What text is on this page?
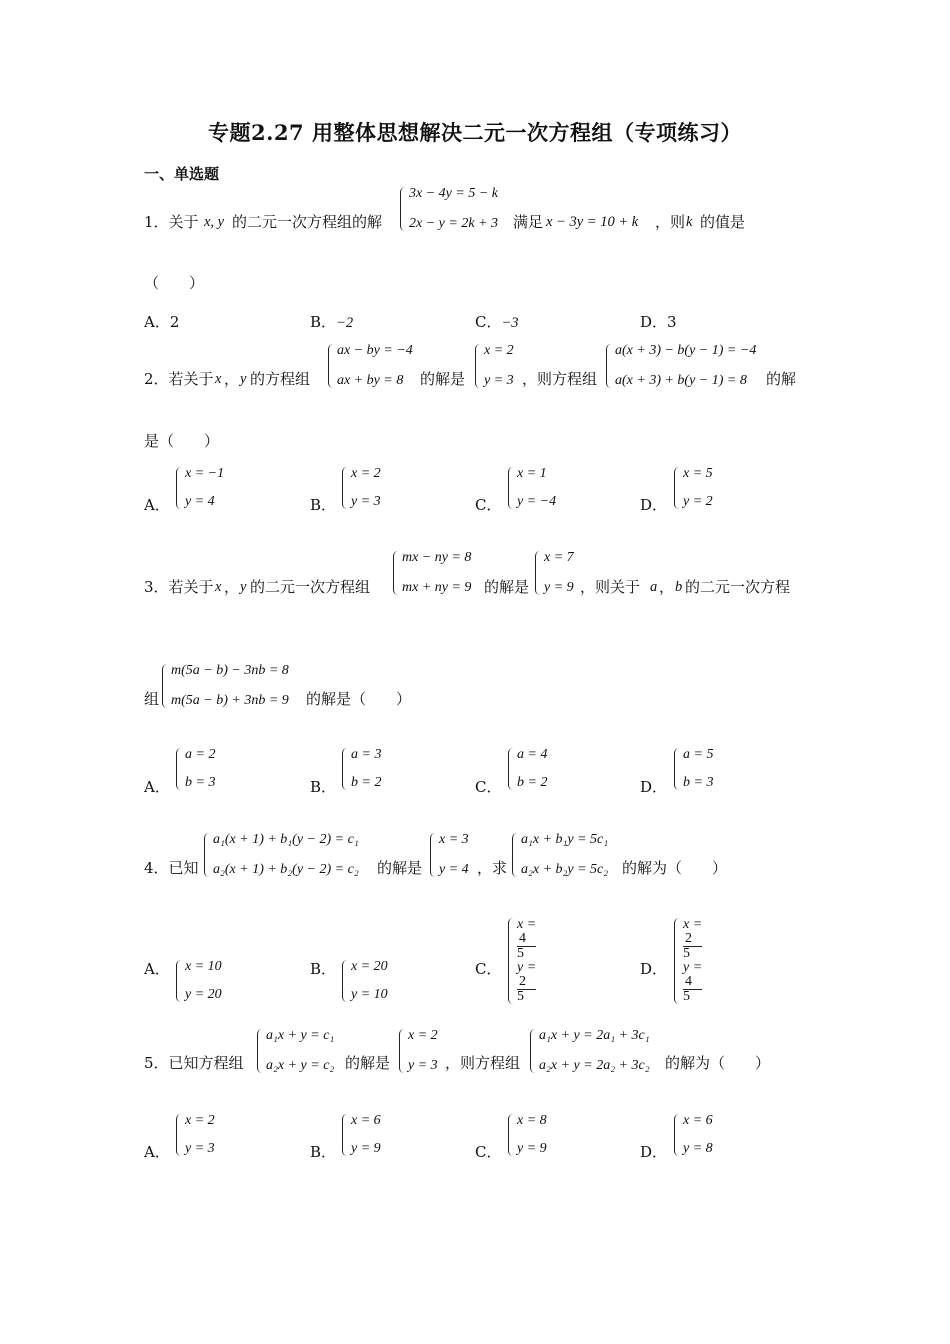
专题2.27 用整体思想解决二元一次方程组（专项练习）
一、单选题
1．关于 x, y 的二元一次方程组的解
3x − 4y = 5 − k
2x − y = 2k + 3 满足 x − 3y = 10 + k ，则 k 的值是
（　　）
A．2	B．−2	C．−3	D．3
2．若关于 x ， y 的方程组
ax − by = −4
ax + by = 8	的解是
x = 2
y = 3 ，则方程组
a(x + 3) − b(y − 1) = −4
a(x + 3) + b(y − 1) = 8	的解
是（　　）
A．
x = −1
y = 4	B．
x = 2
y = 3	C．
x = 1
y = −4	D．
x = 5
y = 2
3．若关于 x ， y 的二元一次方程组
mx − ny = 8
mx + ny = 9 的解是
x = 7
y = 9 ，则关于 a ， b 的二元一次方程
组
m(5a − b) − 3nb = 8
m(5a − b) + 3nb = 9 的解是（　　）
A．
a = 2
b = 3	B．
a = 3
b = 2	C．
a = 4
b = 2	D．
a = 5
b = 3
4．已知
a₁(x + 1) + b₁(y − 2) = c₁
a₂(x + 1) + b₂(y − 2) = c₂ 的解是
x = 3
y = 4 ，求
a₁x + b₁y = 5c₁
a₂x + b₂y = 5c₂ 的解为（　　）
A． x = 10
y = 20
B． x = 20
y = 10
C．
x =
4
5
y =
2
5
D．
x =
2
5
y =
4
5
5．已知方程组
a₁x + y = c₁
a₂x + y = c₂ 的解是
x = 2
y = 3 ，则方程组
a₁x + y = 2a₁ + 3c₁
a₂x + y = 2a₂ + 3c₂ 的解为（　　）
A．
x = 2
y = 3	B．
x = 6
y = 9	C．
x = 8
y = 9	D．
x = 6
y = 8
